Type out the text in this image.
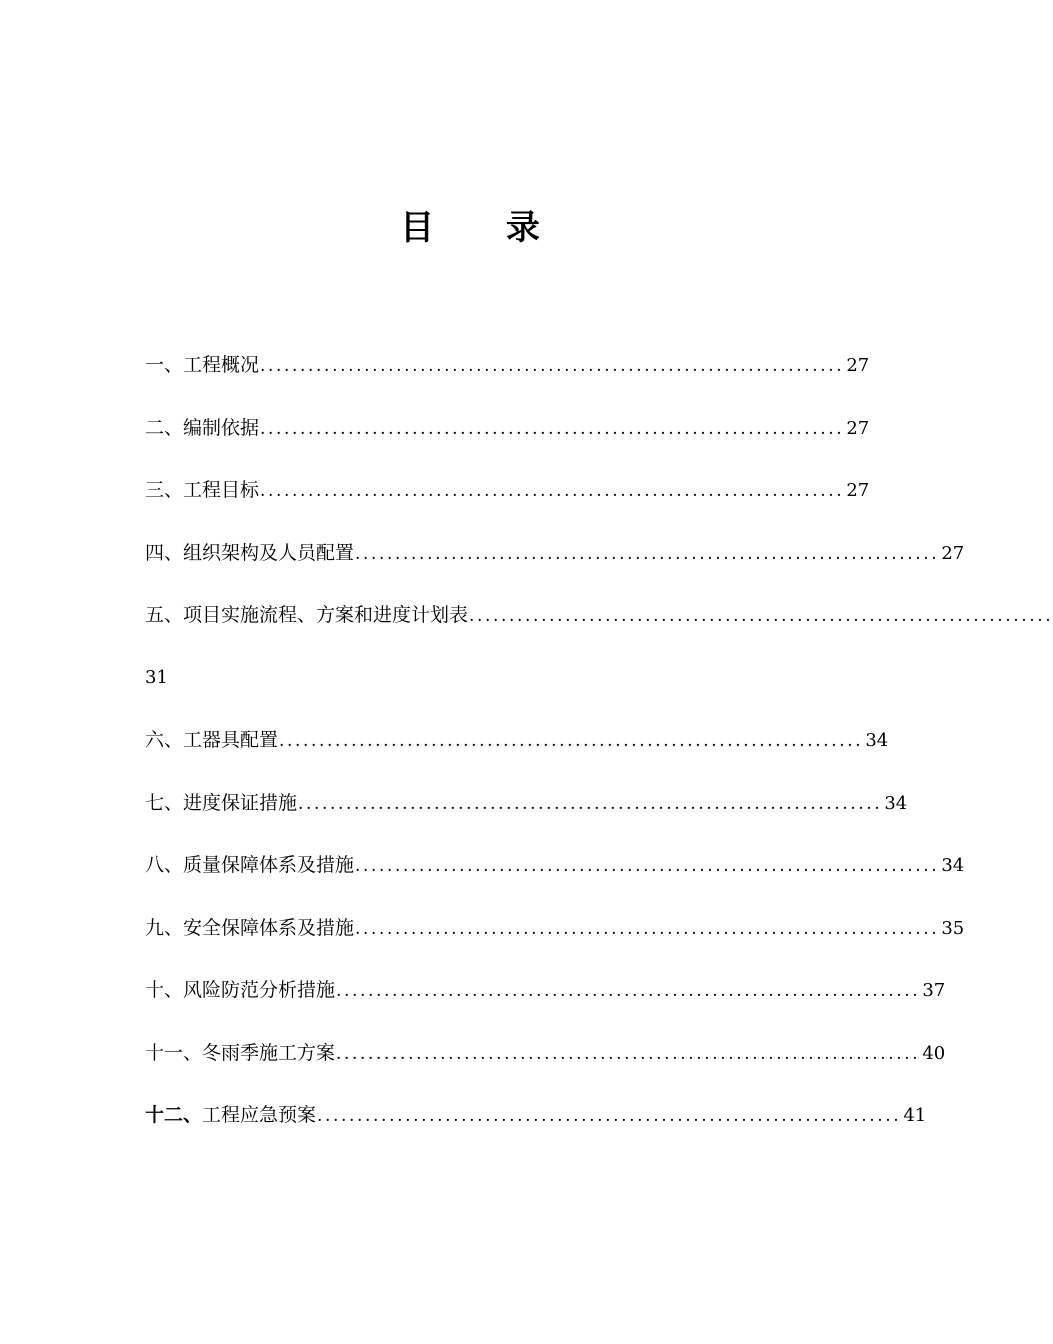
目 录
一、工程概况 ......................................................................... 27
二、编制依据 ......................................................................... 27
三、工程目标 ......................................................................... 27
四、组织架构及人员配置 ......................................................................... 27
五、项目实施流程、方案和进度计划表 .........................................................................
31
六、工器具配置 ......................................................................... 34
七、进度保证措施 ......................................................................... 34
八、质量保障体系及措施 ......................................................................... 34
九、安全保障体系及措施 ......................................................................... 35
十、风险防范分析措施 ......................................................................... 37
十一、冬雨季施工方案 ......................................................................... 40
十二、工程应急预案 ......................................................................... 41
